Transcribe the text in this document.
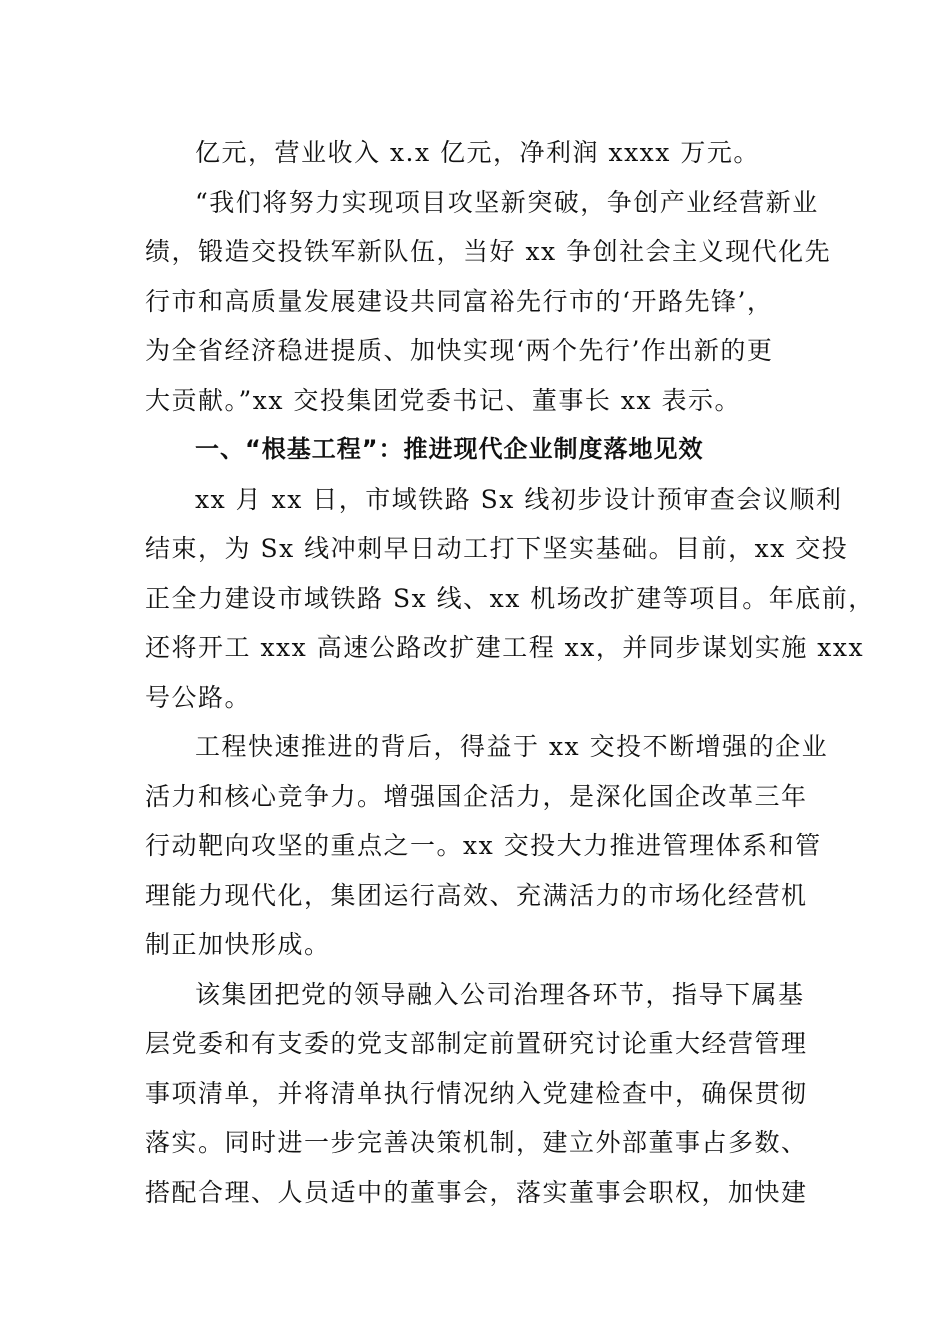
亿元，营业收入 x.x 亿元，净利润 xxxx 万元。

“我们将努力实现项目攻坚新突破，争创产业经营新业
绩，锻造交投铁军新队伍，当好 xx 争创社会主义现代化先
行市和高质量发展建设共同富裕先行市的‘开路先锋’，
为全省经济稳进提质、加快实现‘两个先行’作出新的更
大贡献。”xx 交投集团党委书记、董事长 xx 表示。

一、“根基工程”：推进现代企业制度落地见效

xx 月 xx 日，市域铁路 Sx 线初步设计预审查会议顺利
结束，为 Sx 线冲刺早日动工打下坚实基础。目前，xx 交投
正全力建设市域铁路 Sx 线、xx 机场改扩建等项目。年底前，
还将开工 xxx 高速公路改扩建工程 xx，并同步谋划实施 xxx
号公路。

工程快速推进的背后，得益于 xx 交投不断增强的企业
活力和核心竞争力。增强国企活力，是深化国企改革三年
行动靶向攻坚的重点之一。xx 交投大力推进管理体系和管
理能力现代化，集团运行高效、充满活力的市场化经营机
制正加快形成。

该集团把党的领导融入公司治理各环节，指导下属基
层党委和有支委的党支部制定前置研究讨论重大经营管理
事项清单，并将清单执行情况纳入党建检查中，确保贯彻
落实。同时进一步完善决策机制，建立外部董事占多数、
搭配合理、人员适中的董事会，落实董事会职权，加快建
